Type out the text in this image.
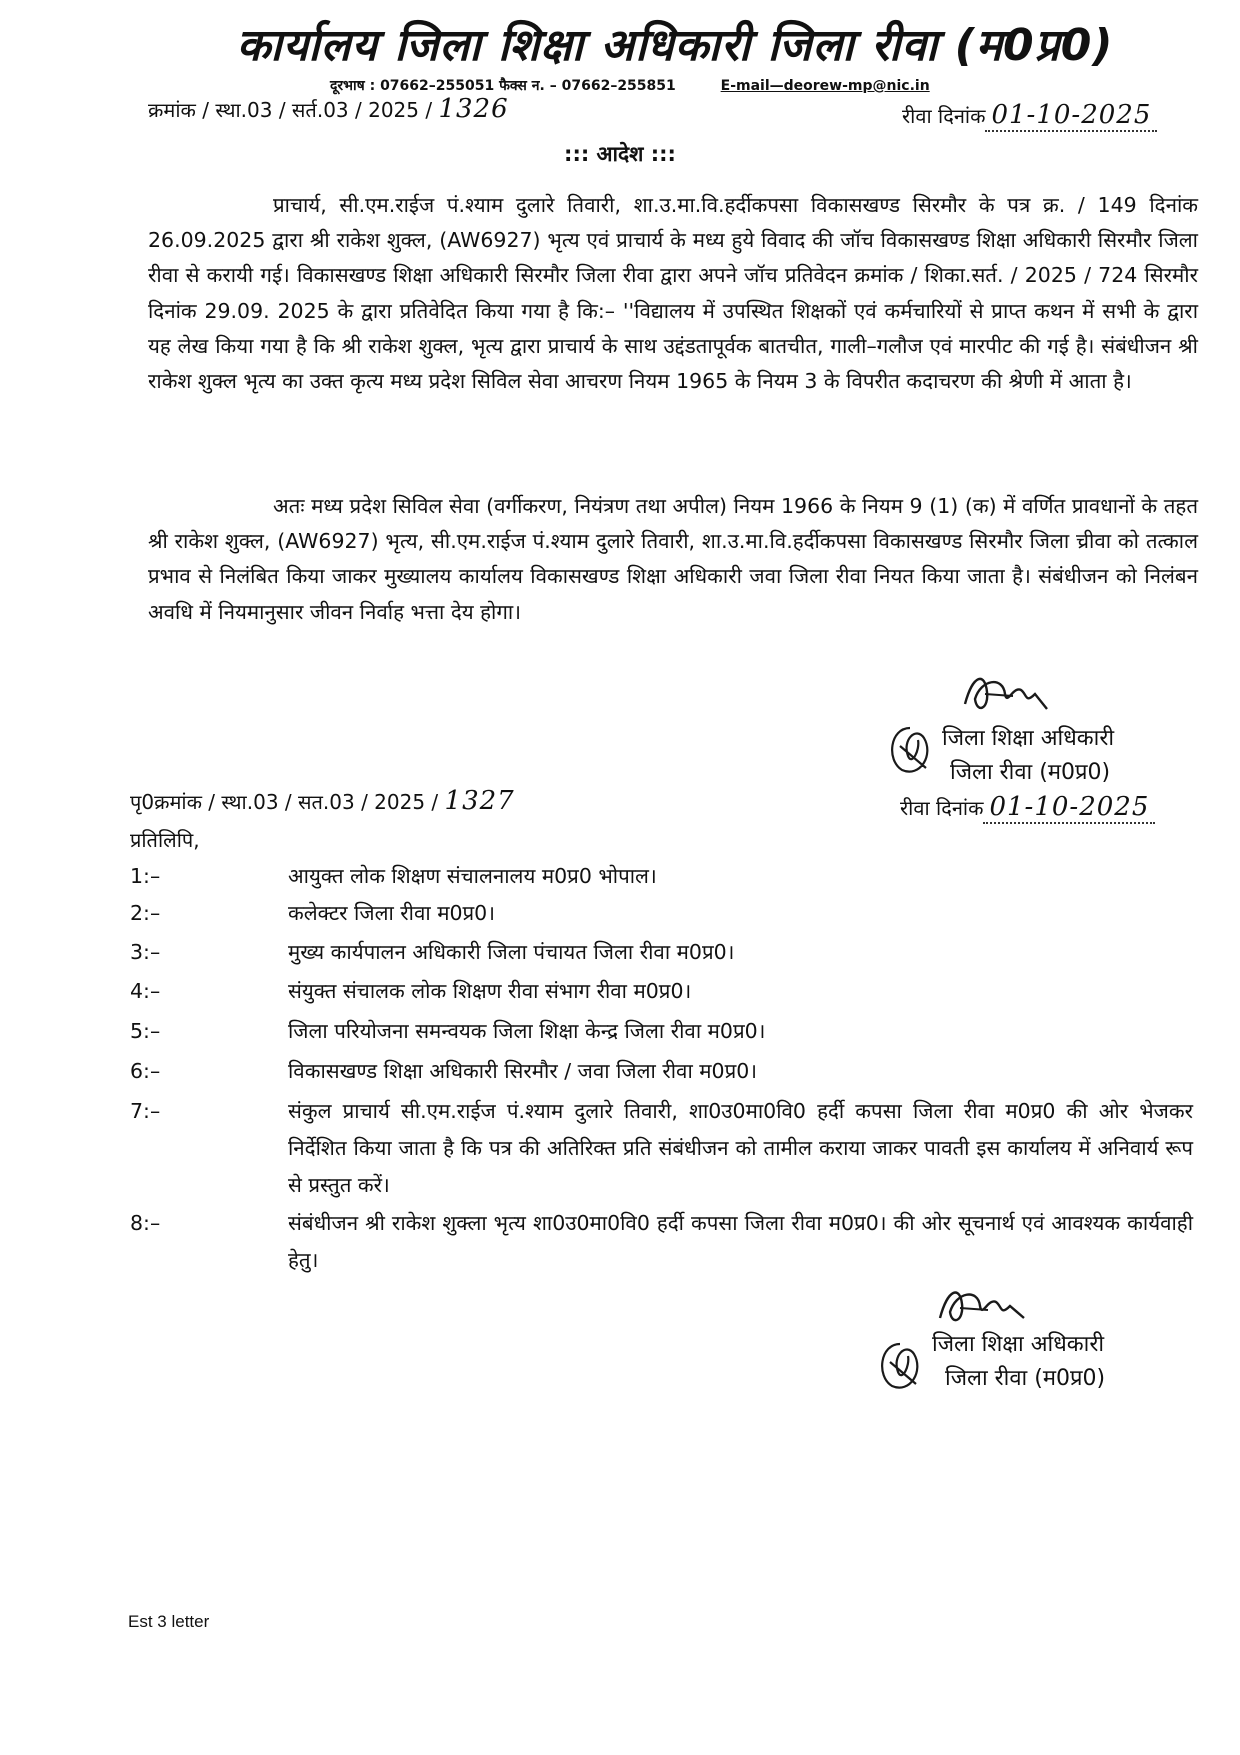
कार्यालय जिला शिक्षा अधिकारी जिला रीवा (म0प्र0)
दूरभाष : 07662–255051 फैक्स न. – 07662–255851	E-mail—deorew-mp@nic.in
क्रमांक / स्था.03 / सर्त.03 / 2025 / 1326	रीवा दिनांक 01-10-2025
::: आदेश :::
प्राचार्य, सी.एम.राईज पं.श्याम दुलारे तिवारी, शा.उ.मा.वि.हर्दीकपसा विकासखण्ड सिरमौर के पत्र क्र. / 149 दिनांक 26.09.2025 द्वारा श्री राकेश शुक्ल, (AW6927) भृत्य एवं प्राचार्य के मध्य हुये विवाद की जॉच विकासखण्ड शिक्षा अधिकारी सिरमौर जिला रीवा से करायी गई। विकासखण्ड शिक्षा अधिकारी सिरमौर जिला रीवा द्वारा अपने जॉच प्रतिवेदन क्रमांक / शिका.सर्त. / 2025 / 724 सिरमौर दिनांक 29.09. 2025 के द्वारा प्रतिवेदित किया गया है कि:– ''विद्यालय में उपस्थित शिक्षकों एवं कर्मचारियों से प्राप्त कथन में सभी के द्वारा यह लेख किया गया है कि श्री राकेश शुक्ल, भृत्य द्वारा प्राचार्य के साथ उद्दंडतापूर्वक बातचीत, गाली–गलौज एवं मारपीट की गई है। संबंधीजन श्री राकेश शुक्ल भृत्य का उक्त कृत्य मध्य प्रदेश सिविल सेवा आचरण नियम 1965 के नियम 3 के विपरीत कदाचरण की श्रेणी में आता है।
अतः मध्य प्रदेश सिविल सेवा (वर्गीकरण, नियंत्रण तथा अपील) नियम 1966 के नियम 9 (1) (क) में वर्णित प्रावधानों के तहत श्री राकेश शुक्ल, (AW6927) भृत्य, सी.एम.राईज पं.श्याम दुलारे तिवारी, शा.उ.मा.वि.हर्दीकपसा विकासखण्ड सिरमौर जिला च्रीवा को तत्काल प्रभाव से निलंबित किया जाकर मुख्यालय कार्यालय विकासखण्ड शिक्षा अधिकारी जवा जिला रीवा नियत किया जाता है। संबंधीजन को निलंबन अवधि में नियमानुसार जीवन निर्वाह भत्ता देय होगा।
जिला शिक्षा अधिकारी
जिला रीवा (म0प्र0)
पृ0क्रमांक / स्था.03 / सत.03 / 2025 / 1327	रीवा दिनांक 01-10-2025
प्रतिलिपि,
1:–	आयुक्त लोक शिक्षण संचालनालय म0प्र0 भोपाल।
2:–	कलेक्टर जिला रीवा म0प्र0।
3:–	मुख्य कार्यपालन अधिकारी जिला पंचायत जिला रीवा म0प्र0।
4:–	संयुक्त संचालक लोक शिक्षण रीवा संभाग रीवा म0प्र0।
5:–	जिला परियोजना समन्वयक जिला शिक्षा केन्द्र जिला रीवा म0प्र0।
6:–	विकासखण्ड शिक्षा अधिकारी सिरमौर / जवा जिला रीवा म0प्र0।
7:–	संकुल प्राचार्य सी.एम.राईज पं.श्याम दुलारे तिवारी, शा0उ0मा0वि0 हर्दी कपसा जिला रीवा म0प्र0 की ओर भेजकर निर्देशित किया जाता है कि पत्र की अतिरिक्त प्रति संबंधीजन को तामील कराया जाकर पावती इस कार्यालय में अनिवार्य रूप से प्रस्तुत करें।
8:–	संबंधीजन श्री राकेश शुक्ला भृत्य शा0उ0मा0वि0 हर्दी कपसा जिला रीवा म0प्र0। की ओर सूचनार्थ एवं आवश्यक कार्यवाही हेतु।
जिला शिक्षा अधिकारी
जिला रीवा (म0प्र0)
Est 3 letter
